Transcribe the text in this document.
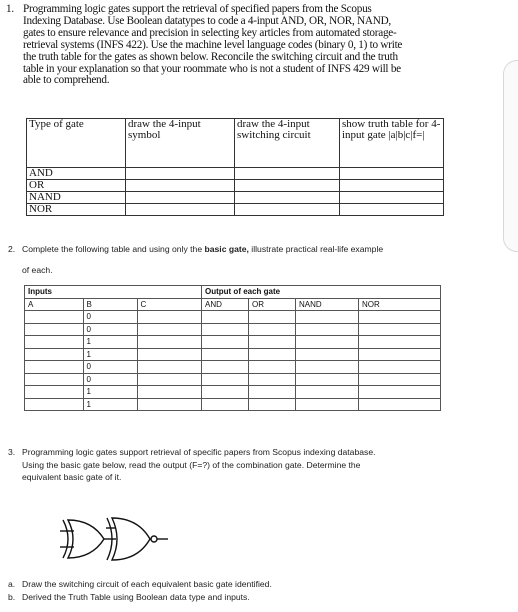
1. Programming logic gates support the retrieval of specified papers from the Scopus
Indexing Database. Use Boolean datatypes to code a 4-input AND, OR, NOR, NAND,
gates to ensure relevance and precision in selecting key articles from automated storage-
retrieval systems (INFS 422). Use the machine level language codes (binary 0, 1) to write
the truth table for the gates as shown below. Reconcile the switching circuit and the truth
table in your explanation so that your roommate who is not a student of INFS 429 will be
able to comprehend.

Type of gate	draw the 4-input symbol	draw the 4-input switching circuit	show truth table for 4-input gate |a|b|c|f=|
AND			
OR			
NAND			
NOR			
2. Complete the following table and using only the basic gate, illustrate practical real-life example
of each.
Inputs			Output of each gate			
A	B	C	AND	OR	NAND	NOR
	0					
	0					
	1					
	1					
	0					
	0					
	1					
	1					
3. Programming logic gates support retrieval of specific papers from Scopus indexing database.
Using the basic gate below, read the output (F=?) of the combination gate. Determine the
equivalent basic gate of it.
a. Draw the switching circuit of each equivalent basic gate identified.
b. Derived the Truth Table using Boolean data type and inputs.
